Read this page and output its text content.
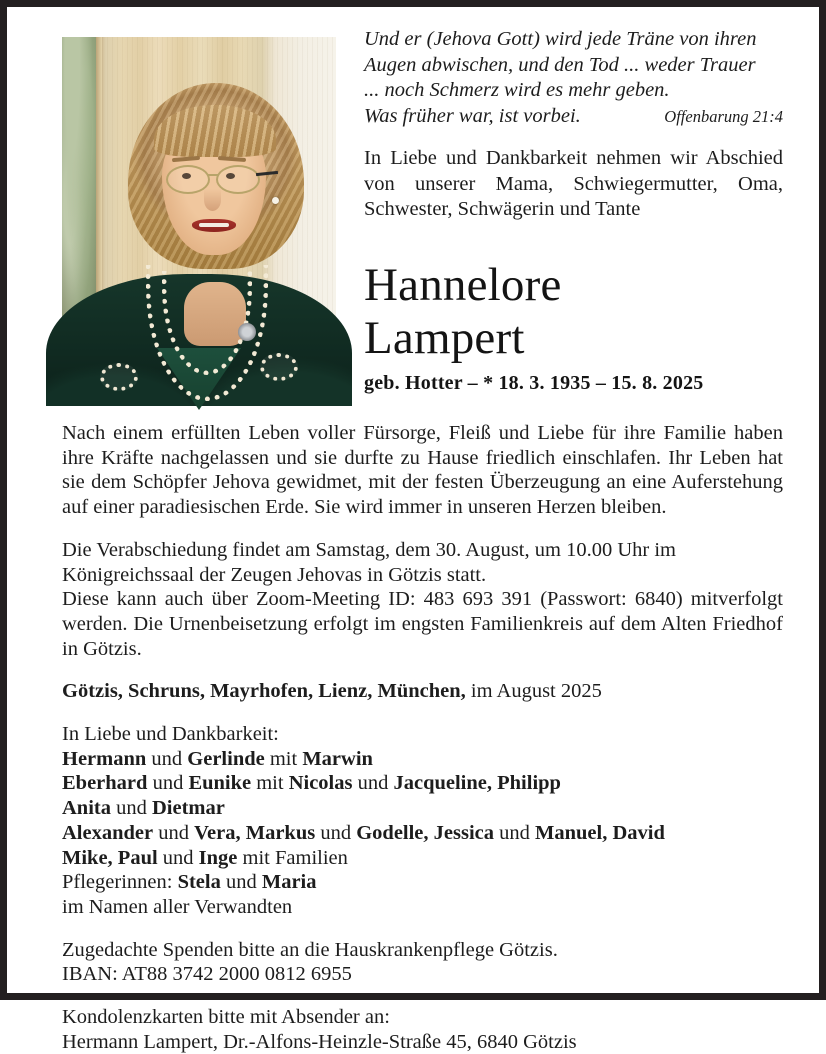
Und er (Jehova Gott) wird jede Träne von ihren
Augen abwischen, und den Tod ... weder Trauer
... noch Schmerz wird es mehr geben.
Was früher war, ist vorbei.	Offenbarung 21:4
In Liebe und Dankbarkeit nehmen wir Abschied von unserer Mama, Schwiegermutter, Oma, Schwester, Schwägerin und Tante
Hannelore
Lampert
geb. Hotter – * 18. 3. 1935 – 15. 8. 2025
Nach einem erfüllten Leben voller Fürsorge, Fleiß und Liebe für ihre Familie haben ihre Kräfte nachgelassen und sie durfte zu Hause friedlich einschlafen. Ihr Leben hat sie dem Schöpfer Jehova gewidmet, mit der festen Überzeugung an eine Auferstehung auf einer paradiesischen Erde. Sie wird immer in unseren Herzen bleiben.
Die Verabschiedung findet am Samstag, dem 30. August, um 10.00 Uhr im Königreichssaal der Zeugen Jehovas in Götzis statt.
Diese kann auch über Zoom-Meeting ID: 483 693 391 (Passwort: 6840) mitverfolgt werden. Die Urnenbeisetzung erfolgt im engsten Familienkreis auf dem Alten Friedhof in Götzis.
Götzis, Schruns, Mayrhofen, Lienz, München, im August 2025
In Liebe und Dankbarkeit:
Hermann und Gerlinde mit Marwin
Eberhard und Eunike mit Nicolas und Jacqueline, Philipp
Anita und Dietmar
Alexander und Vera, Markus und Godelle, Jessica und Manuel, David
Mike, Paul und Inge mit Familien
Pflegerinnen: Stela und Maria
im Namen aller Verwandten
Zugedachte Spenden bitte an die Hauskrankenpflege Götzis.
IBAN: AT88 3742 2000 0812 6955
Kondolenzkarten bitte mit Absender an:
Hermann Lampert, Dr.-Alfons-Heinzle-Straße 45, 6840 Götzis
